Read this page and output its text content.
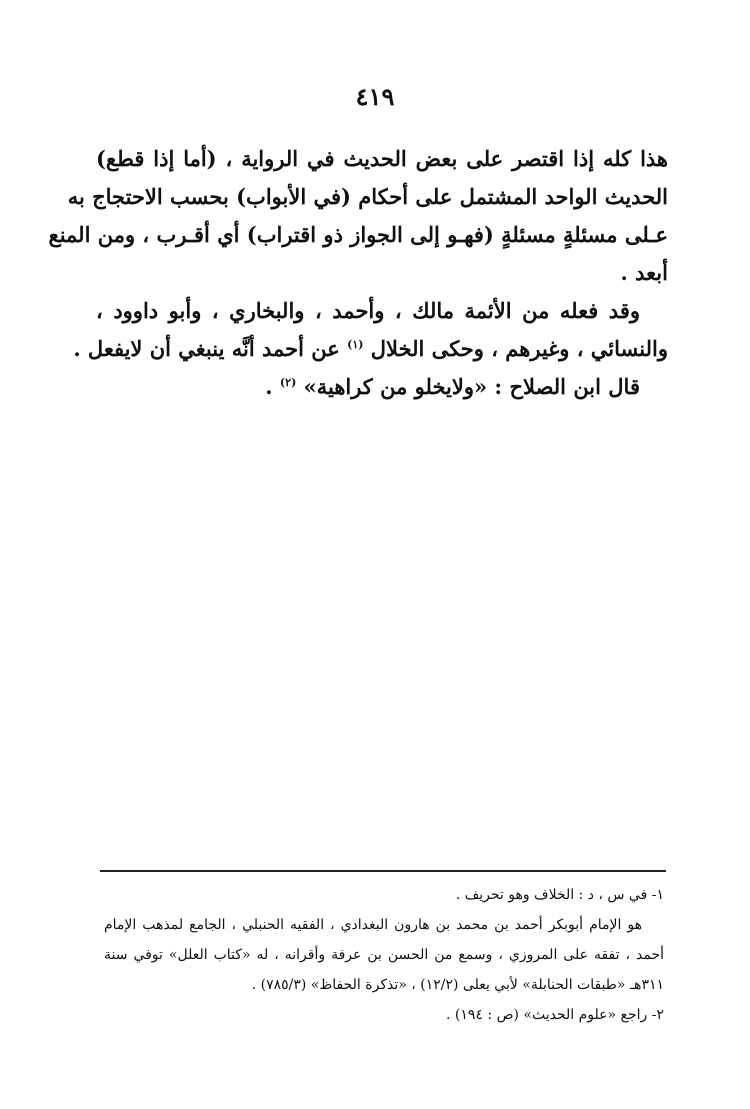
٤١٩
هذا كله إذا اقتصر على بعض الحديث في الرواية ، (أما إذا قطع)
الحديث الواحد المشتمل على أحكام (في الأبواب) بحسب الاحتجاج به
عـلى مسئلةٍ مسئلةٍ (فهـو إلى الجواز ذو اقتراب) أي أقـرب ، ومن المنع
أبعد .
وقد فعله من الأئمة مالك ، وأحمد ، والبخاري ، وأبو داوود ،
والنسائي ، وغيرهم ، وحكى الخلال $^{(١)}$ عن أحمد أنَّه ينبغي أن لايفعل .
قال ابن الصلاح : «ولايخلو من كراهية» $^{(٢)}$ .
١- في س ، د : الخلاف وهو تحريف .
هو الإمام أبوبكر أحمد بن محمد بن هارون البغدادي ، الفقيه الحنبلي ، الجامع لمذهب الإمام
أحمد ، تفقه على المروزي ، وسمع من الحسن بن عرفة وأقرانه ، له «كتاب العلل» توفي سنة
٣١١هـ «طبقات الحنابلة» لأبي يعلى (١٢/٢) ، «تذكرة الحفاظ» (٧٨٥/٣) .
٢- راجع «علوم الحديث» (ص : ١٩٤) .
